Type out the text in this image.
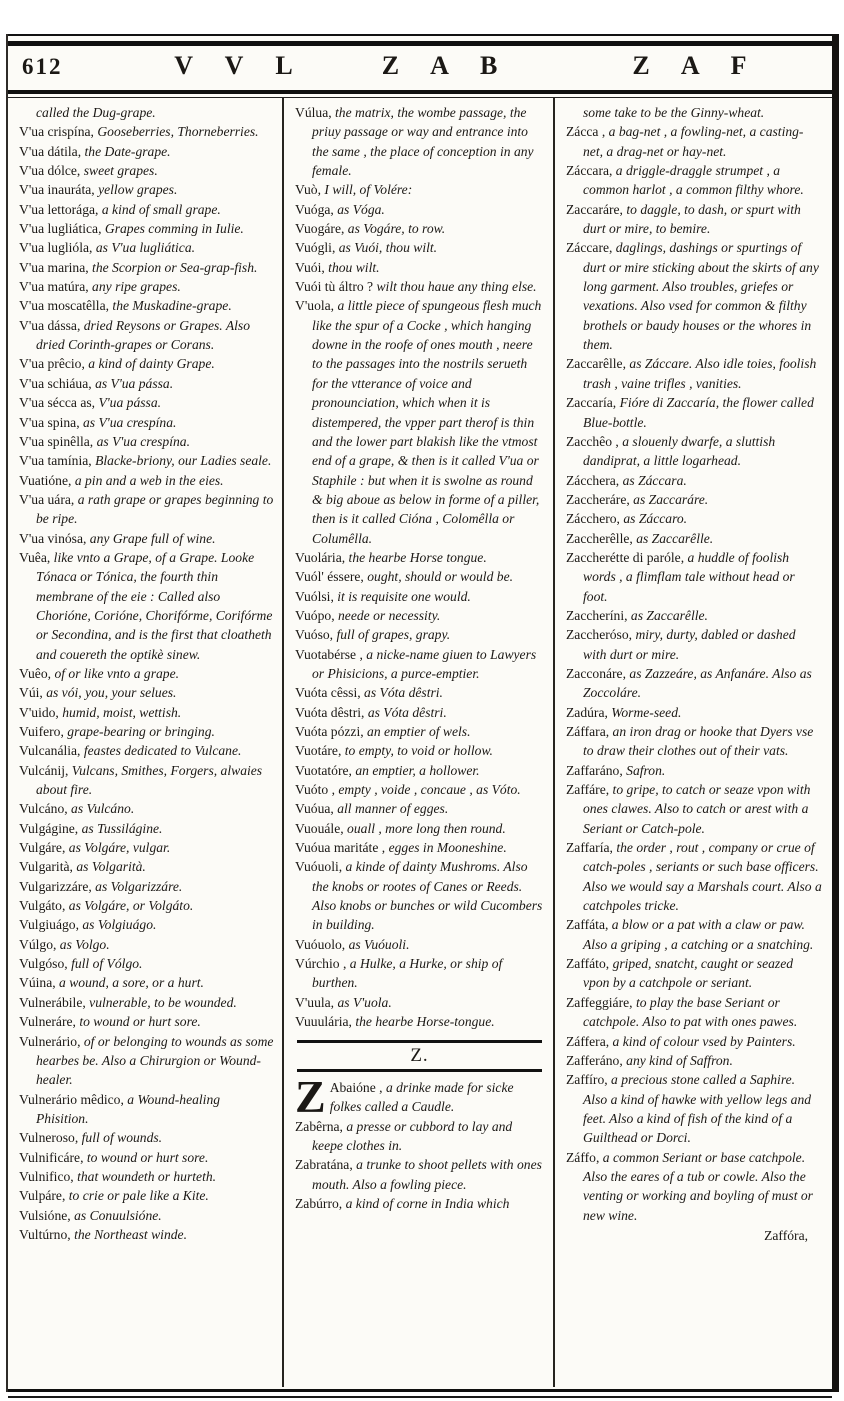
612	V V L	Z A B	Z A F
called the Dug-grape.
V'ua crispína, Gooseberries, Thorneberries.
V'ua dátila, the Date-grape.
V'ua dólce, sweet grapes.
V'ua inauráta, yellow grapes.
V'ua lettorága, a kind of small grape.
V'ua lugliática, Grapes comming in Iulie.
V'ua luglióla, as V'ua lugliática.
V'ua marina, the Scorpion or Sea-grap-fish.
V'ua matúra, any ripe grapes.
V'ua moscatêlla, the Muskadine-grape.
V'ua dássa, dried Reysons or Grapes. Also dried Corinth-grapes or Corans.
V'ua prêcio, a kind of dainty Grape.
V'ua schiáua, as V'ua pássa.
V'ua sécca as, V'ua pássa.
V'ua spina, as V'ua crespína.
V'ua spinêlla, as V'ua crespína.
V'ua tamínia, Blacke-briony, our Ladies seale.
Vuatióne, a pin and a web in the eies.
V'ua uára, a rath grape or grapes beginning to be ripe.
V'ua vinósa, any Grape full of wine.
Vuêa, like vnto a Grape, of a Grape. Looke Tónaca or Tónica, the fourth thin membrane of the eie : Called also Chorióne, Corióne, Chorifórme, Corifórme or Secondina, and is the first that cloatheth and couereth the optikè sinew.
Vuêo, of or like vnto a grape.
Vúi, as vói, you, your selues.
V'uido, humid, moist, wettish.
Vuifero, grape-bearing or bringing.
Vulcanália, feastes dedicated to Vulcane.
Vulcánij, Vulcans, Smithes, Forgers, alwaies about fire.
Vulcáno, as Vulcáno.
Vulgágine, as Tussilágine.
Vulgáre, as Volgáre, vulgar.
Vulgarità, as Volgarità.
Vulgarizzáre, as Volgarizzáre.
Vulgáto, as Volgáre, or Volgáto.
Vulgiuágo, as Volgiuágo.
Vúlgo, as Volgo.
Vulgóso, full of Vólgo.
Vúina, a wound, a sore, or a hurt.
Vulnerábile, vulnerable, to be wounded.
Vulneráre, to wound or hurt sore.
Vulnerário, of or belonging to wounds as some hearbes be. Also a Chirurgion or Wound-healer.
Vulnerário mêdico, a Wound-healing Phisition.
Vulneroso, full of wounds.
Vulnificáre, to wound or hurt sore.
Vulnifico, that woundeth or hurteth.
Vulpáre, to crie or pale like a Kite.
Vulsióne, as Conuulsióne.
Vultúrno, the Northeast winde.
Vúlua, the matrix, the wombe passage, the priuy passage or way and entrance into the same , the place of conception in any female.
Vuò, I will, of Volére:
Vuóga, as Vóga.
Vuogáre, as Vogáre, to row.
Vuógli, as Vuói, thou wilt.
Vuói, thou wilt.
Vuói tù áltro ? wilt thou haue any thing else.
V'uola, a little piece of spungeous flesh much like the spur of a Cocke , which hanging downe in the roofe of ones mouth , neere to the passages into the nostrils serueth for the vtterance of voice and pronounciation, which when it is distempered, the vpper part therof is thin and the lower part blakish like the vtmost end of a grape, & then is it called V'ua or Staphile : but when it is swolne as round & big aboue as below in forme of a piller, then is it called Cióna , Colomêlla or Columêlla.
Vuolária, the hearbe Horse tongue.
Vuól' éssere, ought, should or would be.
Vuólsi, it is requisite one would.
Vuópo, neede or necessity.
Vuóso, full of grapes, grapy.
Vuotabérse , a nicke-name giuen to Lawyers or Phisicions, a purce-emptier.
Vuóta cêssi, as Vóta dêstri.
Vuóta dêstri, as Vóta dêstri.
Vuóta pózzi, an emptier of wels.
Vuotáre, to empty, to void or hollow.
Vuotatóre, an emptier, a hollower.
Vuóto , empty , voide , concaue , as Vóto.
Vuóua, all manner of egges.
Vuouále, ouall , more long then round.
Vuóua maritáte , egges in Mooneshine.
Vuóuoli, a kinde of dainty Mushroms. Also the knobs or rootes of Canes or Reeds. Also knobs or bunches or wild Cucombers in building.
Vuóuolo, as Vuóuoli.
Vúrchio , a Hulke, a Hurke, or ship of burthen.
V'uula, as V'uola.
Vuuulária, the hearbe Horse-tongue.
Z.
Z Abaióne , a drinke made for sicke folkes called a Caudle.
Zabêrna, a presse or cubbord to lay and keepe clothes in.
Zabratána, a trunke to shoot pellets with ones mouth. Also a fowling piece.
Zabúrro, a kind of corne in India which
some take to be the Ginny-wheat.
Zácca , a bag-net , a fowling-net, a casting-net, a drag-net or hay-net.
Záccara, a driggle-draggle strumpet , a common harlot , a common filthy whore.
Zaccaráre, to daggle, to dash, or spurt with durt or mire, to bemire.
Záccare, daglings, dashings or spurtings of durt or mire sticking about the skirts of any long garment. Also troubles, griefes or vexations. Also vsed for common & filthy brothels or baudy houses or the whores in them.
Zaccarêlle, as Záccare. Also idle toies, foolish trash , vaine trifles , vanities.
Zaccaría, Fióre di Zaccaría, the flower called Blue-bottle.
Zacchêo , a slouenly dwarfe, a sluttish dandiprat, a little logarhead.
Zácchera, as Záccara.
Zaccheráre, as Zaccaráre.
Zácchero, as Záccaro.
Zaccherêlle, as Zaccarêlle.
Zaccherétte di paróle, a huddle of foolish words , a flimflam tale without head or foot.
Zaccheríni, as Zaccarêlle.
Zaccheróso, miry, durty, dabled or dashed with durt or mire.
Zacconáre, as Zazzeáre, as Anfanáre. Also as Zoccoláre.
Zadúra, Worme-seed.
Záffara, an iron drag or hooke that Dyers vse to draw their clothes out of their vats.
Zaffaráno, Safron.
Zaffáre, to gripe, to catch or seaze vpon with ones clawes. Also to catch or arest with a Seriant or Catch-pole.
Zaffaría, the order , rout , company or crue of catch-poles , seriants or such base officers. Also we would say a Marshals court. Also a catchpoles tricke.
Zaffáta, a blow or a pat with a claw or paw. Also a griping , a catching or a snatching.
Zaffáto, griped, snatcht, caught or seazed vpon by a catchpole or seriant.
Zaffeggiáre, to play the base Seriant or catchpole. Also to pat with ones pawes.
Záffera, a kind of colour vsed by Painters.
Zafferáno, any kind of Saffron.
Zaffíro, a precious stone called a Saphire. Also a kind of hawke with yellow legs and feet. Also a kind of fish of the kind of a Guilthead or Dorci.
Záffo, a common Seriant or base catchpole. Also the eares of a tub or cowle. Also the venting or working and boyling of must or new wine.
Zaffóra,
